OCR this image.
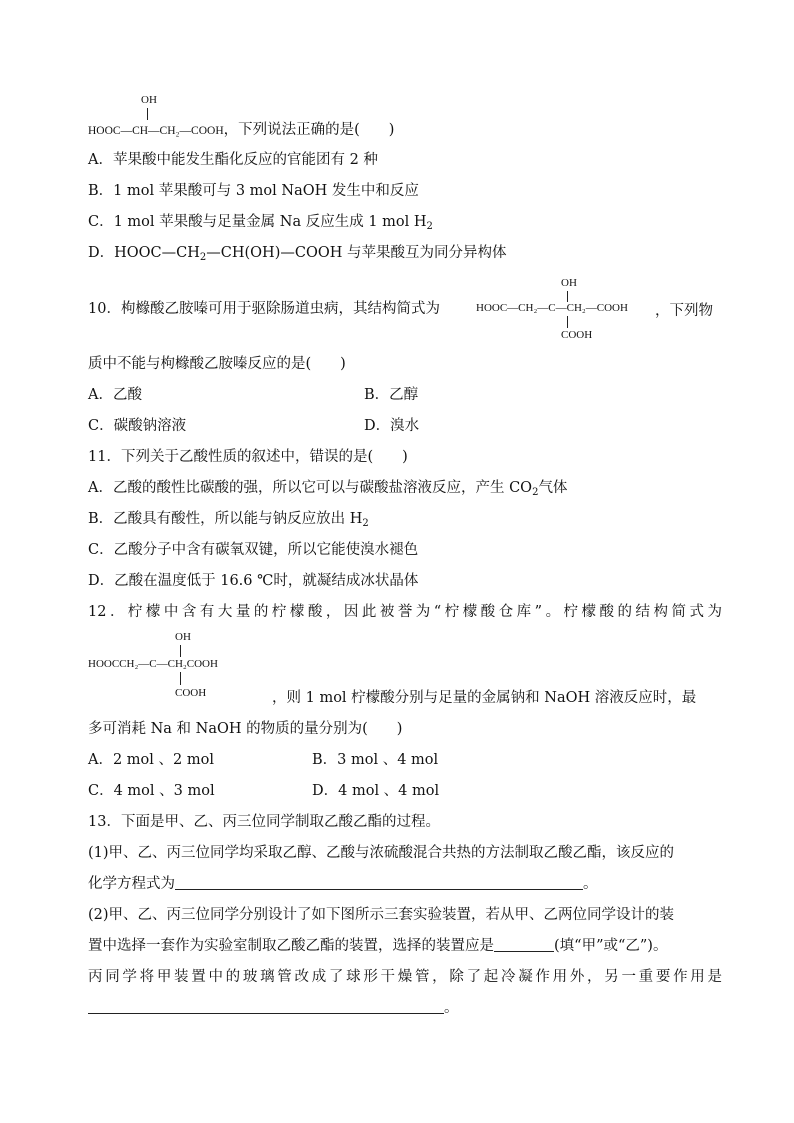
OH
HOOC—CH—CH₂—COOH，下列说法正确的是(　　)
A．苹果酸中能发生酯化反应的官能团有 2 种
B．1 mol 苹果酸可与 3 mol NaOH 发生中和反应
C．1 mol 苹果酸与足量金属 Na 反应生成 1 mol $H_2$
D．$HOOC—CH_2—CH(OH)—COOH$ 与苹果酸互为同分异构体
10．枸橼酸乙胺嗪可用于驱除肠道虫病，其结构简式为
OH
HOOC—CH₂—C—CH₂—COOH
COOH
，下列物
质中不能与枸橼酸乙胺嗪反应的是(　　)
A．乙酸	B．乙醇
C．碳酸钠溶液	D．溴水
11．下列关于乙酸性质的叙述中，错误的是(　　)
A．乙酸的酸性比碳酸的强，所以它可以与碳酸盐溶液反应，产生 $CO_2$气体
B．乙酸具有酸性，所以能与钠反应放出 $H_2$
C．乙酸分子中含有碳氧双键，所以它能使溴水褪色
D．乙酸在温度低于 16.6 ℃时，就凝结成冰状晶体
12．柠檬中含有大量的柠檬酸，因此被誉为“柠檬酸仓库”。柠檬酸的结构简式为
OH
HOOCCH₂—C—CH₂COOH
COOH	，则 1 mol 柠檬酸分别与足量的金属钠和 NaOH 溶液反应时，最
多可消耗 Na 和 NaOH 的物质的量分别为(　　)
A．2 mol 、2 mol	B．3 mol 、4 mol
C．4 mol 、3 mol	D．4 mol 、4 mol
13．下面是甲、乙、丙三位同学制取乙酸乙酯的过程。
(1)甲、乙、丙三位同学均采取乙醇、乙酸与浓硫酸混合共热的方法制取乙酸乙酯，该反应的
化学方程式为	。
(2)甲、乙、丙三位同学分别设计了如下图所示三套实验装置，若从甲、乙两位同学设计的装
置中选择一套作为实验室制取乙酸乙酯的装置，选择的装置应是	(填“甲”或“乙”)。
丙同学将甲装置中的玻璃管改成了球形干燥管，除了起冷凝作用外，另一重要作用是
。
